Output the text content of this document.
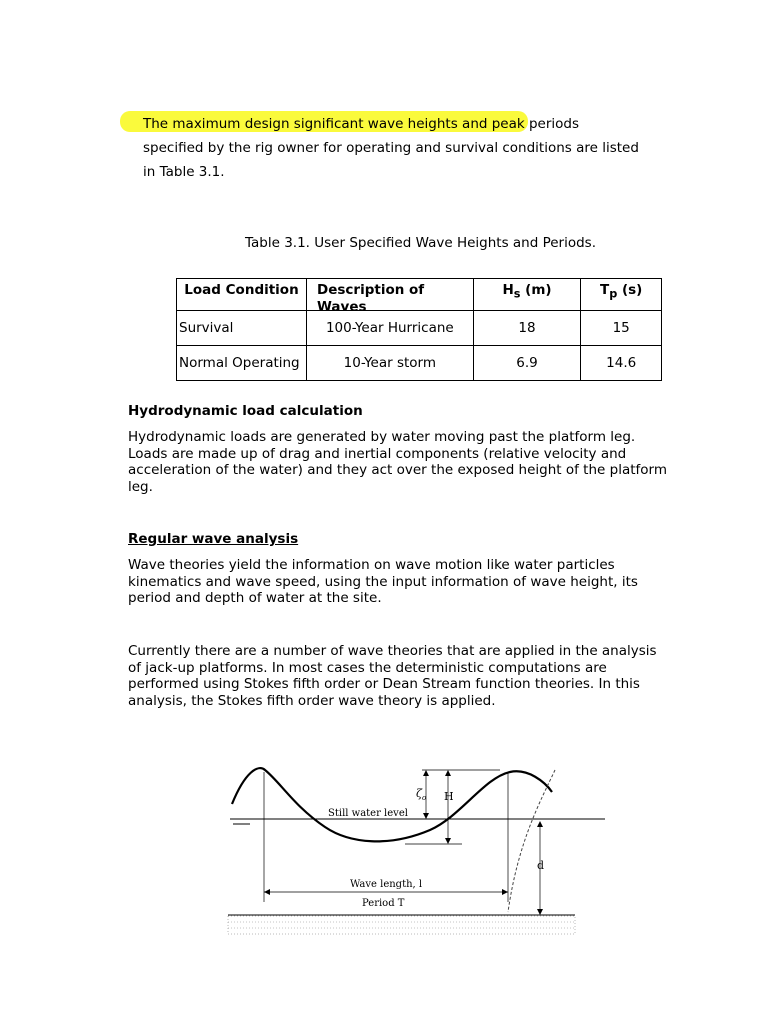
The maximum design significant wave heights and peak periods specified by the rig owner for operating and survival conditions are listed in Table 3.1.
Table 3.1. User Specified Wave Heights and Periods.
Load Condition	Description of Waves	$H_s$ (m)	$T_p$ (s)
Survival	100-Year Hurricane	18	15
Normal Operating	10-Year storm	6.9	14.6
Hydrodynamic load calculation
Hydrodynamic loads are generated by water moving past the platform leg. Loads are made up of drag and inertial components (relative velocity and acceleration of the water) and they act over the exposed height of the platform leg.
Regular wave analysis
Wave theories yield the information on wave motion like water particles kinematics and wave speed, using the input information of wave height, its period and depth of water at the site.
Currently there are a number of wave theories that are applied in the analysis of jack-up platforms. In most cases the deterministic computations are performed using Stokes fifth order or Dean Stream function theories. In this analysis, the Stokes fifth order wave theory is applied.
$\zeta_o$ H
Still water level
d
Wave length, l
Period T
